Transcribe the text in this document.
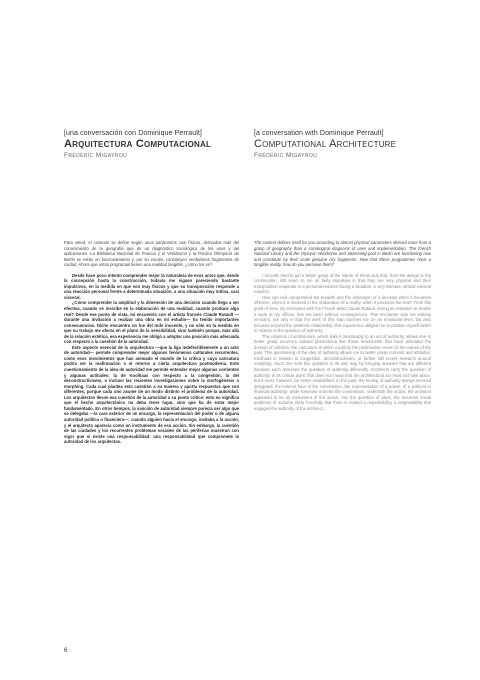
[una conversación con Dominique Perrault]

Arquitectura Computacional

Frédéric Migayrou

[a conversation with Dominique Perrault]

Computational Architecture

Frédéric Migayrou

Para usted, el contexto se define según unos parámetros casi físicos, derivados más del conocimiento de la geografía que de un diagnóstico sociológico de los usos y las aplicaciones. La Biblioteca Nacional de Francia y el Velódromo y la Piscina Olímpicos de Berlín se están en funcionamiento y, por su escala, constituyen verdaderos fragmentos de ciudad. Ahora que estos programas tienen una realidad tangible, ¿cómo los ve?

Desde hace poco intento comprender mejor la naturaleza de esos actos que, desde la concepción hasta la construcción, todavía me siguen pareciendo bastante impulsivos, en la medida en que son muy físicos y que su transposición responde a una reacción personal frente a determinada situación, a una situación muy íntima, casi visceral.

¿Cómo comprender la amplitud y la dimensión de una decisión cuando llega a ser efectiva, cuando se inscribe en la elaboración de una realidad, cuando produce algo real? Desde ese punto de vista, mi encuentro con el artista francés Claude Rutault —durante una invitación a realizar una obra en mi estudio— ha tenido importantes consecuencias. Dicho encuentro no fue del todo inocente, y no sólo en la medida en que su trabajo me afecta en el plano de la sensibilidad, sino también porque, más allá de la relación estética, esa experiencia me obligó a adoptar una posición más adecuada con respecto a la cuestión de la autoridad.

Este aspecto esencial de la arquitectura —que la liga indefectiblemente a un acto de autoridad— permite comprender mejor algunos fenómenos culturales recurrentes, como esos movimientos que han animado el mundo de la crítica y cuya caricatura podría ser la reafirmación o el retorno a cierta arquitectura postmoderna. Este cuestionamiento de la idea de autoridad me permite entender mejor algunas corrientes y algunas actitudes: la de Koolhaas con respecto a la congestión, la del deconstructivismo, o incluso las recientes investigaciones sobre la morfogénesis o morphing. Cada cual plantea esta cuestión a su manera y aporta respuestas que son diferentes, porque cada uno asume de un modo distinto el problema de la autoridad. Los arquitectos llevan esa cuestión de la autoridad a su punto crítico: esto no significa que el hecho arquitectónico no deba tener lugar, sino que ha de estar mejor fundamentado. En otros tiempos, la sanción de autoridad siempre parecía ser algo que se delegaba —la cara exterior de un encargo, la representación del poder o de alguna autoridad política o financiera—; cuando alguien hacía el encargo, invitaba a la acción, y el arquitecto aparecía como un instrumento de esa acción. Sin embargo, la cuestión de las ciudades y los recurrentes problemas sociales de las periferias muestran con vigor que sí existe una responsabilidad: una responsabilidad que compromete la autoridad de los arquitectos.

The context defines itself for you according to almost physical parameters derived more from a grasp of geography than a sociological diagnosis of uses and implementation. The French National Library and the Olympic Velodrome and Swimming-pool in Berlin are functioning now and constitute by their scale genuine city fragments. Now that these programmes have a tangible reality, how do you perceive them?

I recently tried to get a better grasp of the nature of these acts that, from the design to the construction, still seem to me as fairly impulsive in that they are very physical and their transposition responds to a personal reaction facing a situation, a very intimate, almost visceral reaction.

How can one comprehend the breadth and the dimension of a decision when it becomes effective, when it is involved in the elaboration of a reality, when it produces the real? From this point of view, my encounter with the French artist Claude Rutault, during an invitation to realise a work at my offices, has not been without consequences. This encounter was not entirely innocent, not only in that the work of this man touches me on an emotional level, but also because beyond the aesthetic relationship, this experience obliged me to position myself better in relation to the question of authority.

This essence of architecture, which links it inextricably to an act of authority, allows one to better grasp recurrent cultural phenomena like those movements that have animated the domain of criticism, the caricature of which could be the postmodern return to the values of the past. This questioning of the idea of authority allows me to better grasp currents and attitudes: Koolhaas in relation to congestion, deconstructivism, or further still recent research around morphing. Each one sets this question in its own way by bringing answers that are different because each assumes the question of authority differently. Architects carry the question of authority to its critical point: this does not mean that the architectural act must not take place, but it must, however, be better established. In the past, the feeling of authority always seemed delegated, the exterior face of the commission, the representation of a power, of a political or financial authority: while someone ordered the commission, undertook the action, the architect appeared to be an instrument of the action. Yet, the question of cities, the recurrent social problems of suburbs show forcefully that there is indeed a responsibility, a responsibility that engages the authority of the architect.

6
